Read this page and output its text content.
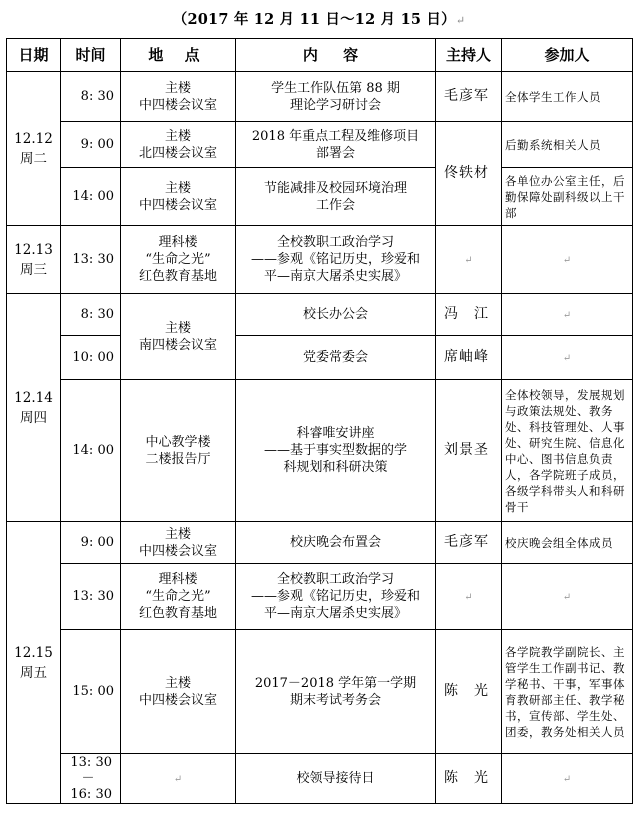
（2017 年 12 月 11 日～12 月 15 日）↵
日期	时间	地 点	内 容	主持人	参加人

12.12
周二	8: 30	主楼
中四楼会议室	学生工作队伍第 88 期
理论学习研讨会	毛彦军	全体学生工作人员
	9: 00	主楼
北四楼会议室	2018 年重点工程及维修项目
部署会	佟轶材	后勤系统相关人员
	14: 00	主楼
中四楼会议室	节能减排及校园环境治理
工作会		各单位办公室主任，后勤保障处副科级以上干部

12.13
周三	13: 30	理科楼
“生命之光”
红色教育基地	全校教职工政治学习
——参观《铭记历史，珍爱和
平—南京大屠杀史实展》	↵	↵

12.14
周四	8: 30	主楼
南四楼会议室	校长办公会	冯　江	↵
	10: 00		党委常委会	席岫峰	↵
	14: 00	中心教学楼
二楼报告厅	科睿唯安讲座
——基于事实型数据的学
科规划和科研决策	刘景圣	全体校领导，发展规划与政策法规处、教务处、科技管理处、人事处、研究生院、信息化中心、图书信息负责人，各学院班子成员，各级学科带头人和科研骨干

12.15
周五	9: 00	主楼
中四楼会议室	校庆晚会布置会	毛彦军	校庆晚会组全体成员
	13: 30	理科楼
“生命之光”
红色教育基地	全校教职工政治学习
——参观《铭记历史，珍爱和
平—南京大屠杀史实展》	↵	↵
	15: 00	主楼
中四楼会议室	2017－2018 学年第一学期
期末考试考务会	陈　光	各学院教学副院长、主管学生工作副书记、教学秘书、干事，军事体育教研部主任、教学秘书，宣传部、学生处、团委，教务处相关人员

	13: 30
－
16: 30	↵	校领导接待日	陈　光	↵
